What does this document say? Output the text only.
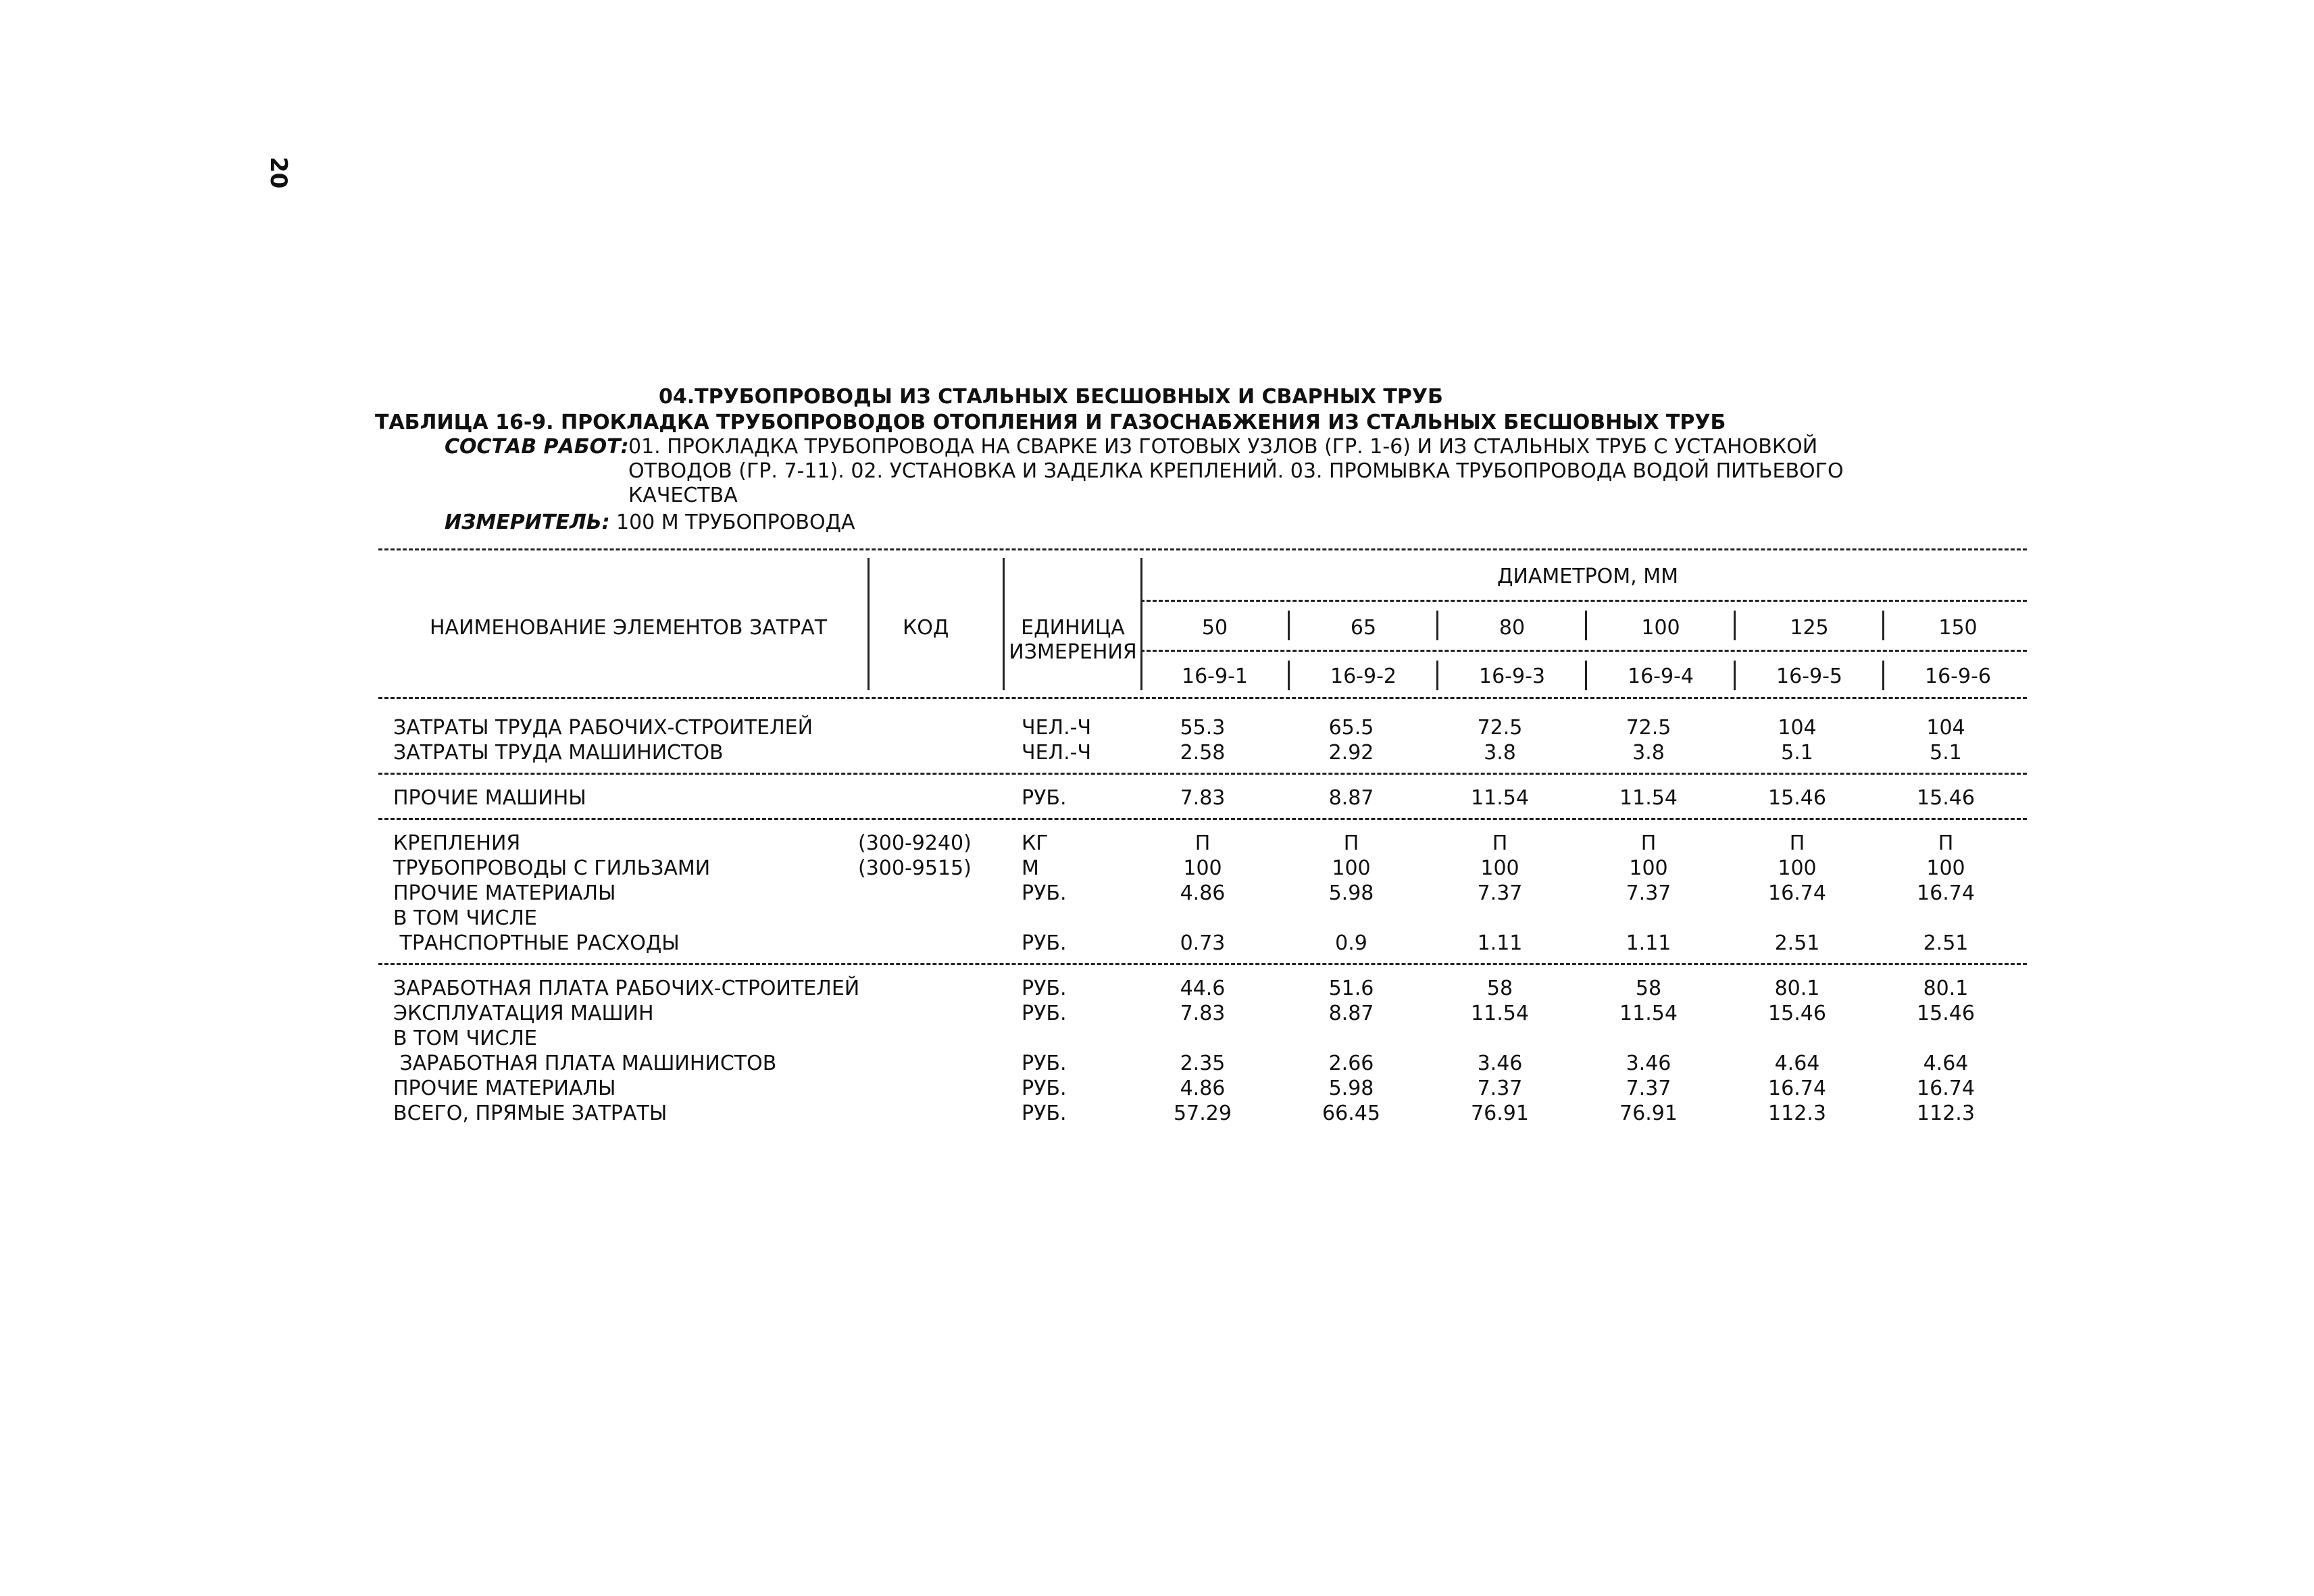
20
04.ТРУБОПРОВОДЫ ИЗ СТАЛЬНЫХ БЕСШОВНЫХ И СВАРНЫХ ТРУБ
ТАБЛИЦА 16-9. ПРОКЛАДКА ТРУБОПРОВОДОВ ОТОПЛЕНИЯ И ГАЗОСНАБЖЕНИЯ ИЗ СТАЛЬНЫХ БЕСШОВНЫХ ТРУБ
СОСТАВ РАБОТ: 01. ПРОКЛАДКА ТРУБОПРОВОДА НА СВАРКЕ ИЗ ГОТОВЫХ УЗЛОВ (ГР. 1-6) И ИЗ СТАЛЬНЫХ ТРУБ С УСТАНОВКОЙ
ОТВОДОВ (ГР. 7-11). 02. УСТАНОВКА И ЗАДЕЛКА КРЕПЛЕНИЙ. 03. ПРОМЫВКА ТРУБОПРОВОДА ВОДОЙ ПИТЬЕВОГО
КАЧЕСТВА
ИЗМЕРИТЕЛЬ: 100 М ТРУБОПРОВОДА
НАИМЕНОВАНИЕ ЭЛЕМЕНТОВ ЗАТРАТ	КОД	ЕДИНИЦА
ИЗМЕРЕНИЯ
ДИАМЕТРОМ, ММ
50	65	80	100	125	150
16-9-1	16-9-2	16-9-3	16-9-4	16-9-5	16-9-6
ЗАТРАТЫ ТРУДА РАБОЧИХ-СТРОИТЕЛЕЙ	ЧЕЛ.-Ч	55.3	65.5	72.5	72.5	104	104
ЗАТРАТЫ ТРУДА МАШИНИСТОВ	ЧЕЛ.-Ч	2.58	2.92	3.8	3.8	5.1	5.1
ПРОЧИЕ МАШИНЫ	РУБ.	7.83	8.87	11.54	11.54	15.46	15.46
КРЕПЛЕНИЯ	(300-9240) КГ	П	П	П	П	П	П
ТРУБОПРОВОДЫ С ГИЛЬЗАМИ	(300-9515) М	100	100	100	100	100	100
ПРОЧИЕ МАТЕРИАЛЫ	РУБ.	4.86	5.98	7.37	7.37	16.74	16.74
В ТОМ ЧИСЛЕ
ТРАНСПОРТНЫЕ РАСХОДЫ	РУБ.	0.73	0.9	1.11	1.11	2.51	2.51
ЗАРАБОТНАЯ ПЛАТА РАБОЧИХ-СТРОИТЕЛЕЙ	РУБ.	44.6	51.6	58	58	80.1	80.1
ЭКСПЛУАТАЦИЯ МАШИН	РУБ.	7.83	8.87	11.54	11.54	15.46	15.46
В ТОМ ЧИСЛЕ
ЗАРАБОТНАЯ ПЛАТА МАШИНИСТОВ	РУБ.	2.35	2.66	3.46	3.46	4.64	4.64
ПРОЧИЕ МАТЕРИАЛЫ	РУБ.	4.86	5.98	7.37	7.37	16.74	16.74
ВСЕГО, ПРЯМЫЕ ЗАТРАТЫ	РУБ.	57.29	66.45	76.91	76.91	112.3	112.3
